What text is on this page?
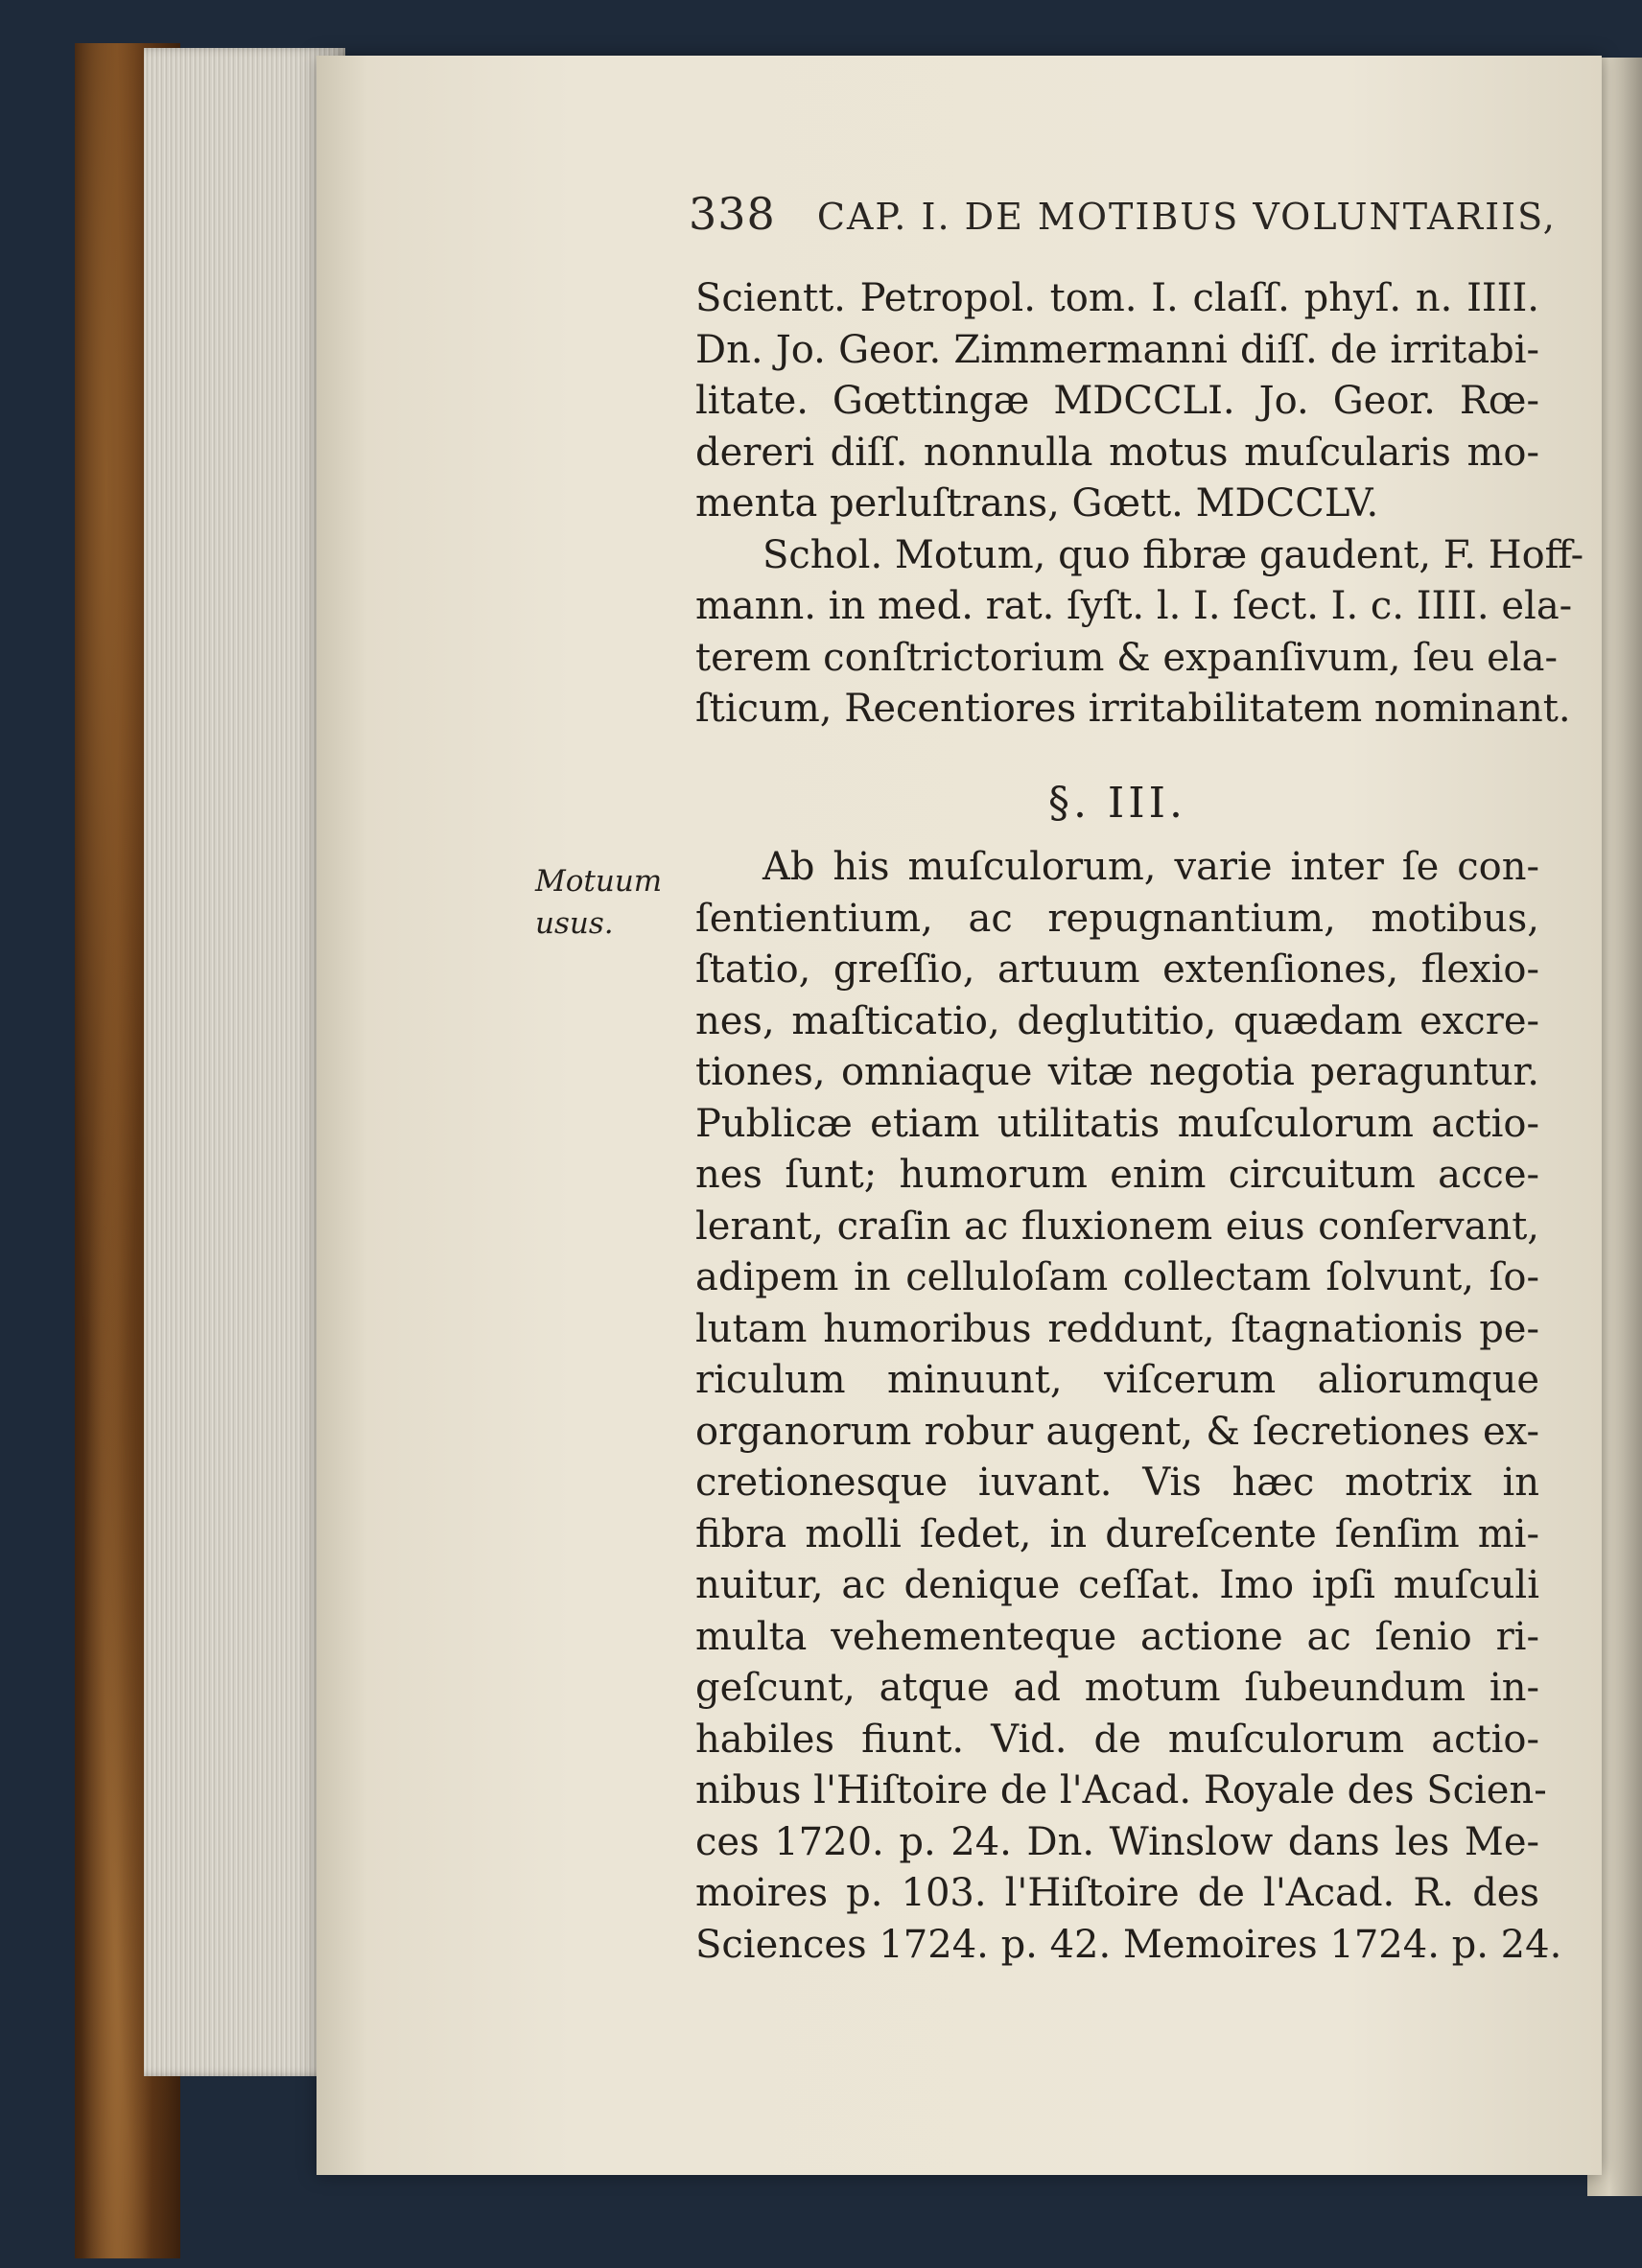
338 CAP. I. DE MOTIBUS VOLUNTARIIS,
Motuum
usus.
Scientt. Petropol. tom. I. claſſ. phyſ. n. IIII.
Dn. Jo. Geor. Zimmermanni diſſ. de irritabi-
litate. Gœttingæ MDCCLI. Jo. Geor. Rœ-
dereri diſſ. nonnulla motus muſcularis mo-
menta perluſtrans, Gœtt. MDCCLV.
Schol. Motum, quo fibræ gaudent, F. Hoff-
mann. in med. rat. ſyſt. l. I. ſect. I. c. IIII. ela-
terem conſtrictorium & expanſivum, ſeu ela-
ſticum, Recentiores irritabilitatem nominant.
§. III.
Ab his muſculorum, varie inter ſe con-
ſentientium, ac repugnantium, motibus,
ſtatio, greſſio, artuum extenſiones, flexio-
nes, maſticatio, deglutitio, quædam excre-
tiones, omniaque vitæ negotia peraguntur.
Publicæ etiam utilitatis muſculorum actio-
nes ſunt; humorum enim circuitum acce-
lerant, craſin ac fluxionem eius conſervant,
adipem in celluloſam collectam ſolvunt, ſo-
lutam humoribus reddunt, ſtagnationis pe-
riculum minuunt, viſcerum aliorumque
organorum robur augent, & ſecretiones ex-
cretionesque iuvant. Vis hæc motrix in
fibra molli ſedet, in dureſcente ſenſim mi-
nuitur, ac denique ceſſat. Imo ipſi muſculi
multa vehementeque actione ac ſenio ri-
geſcunt, atque ad motum ſubeundum in-
habiles fiunt. Vid. de muſculorum actio-
nibus l'Hiſtoire de l'Acad. Royale des Scien-
ces 1720. p. 24. Dn. Winslow dans les Me-
moires p. 103. l'Hiſtoire de l'Acad. R. des
Sciences 1724. p. 42. Memoires 1724. p. 24.
